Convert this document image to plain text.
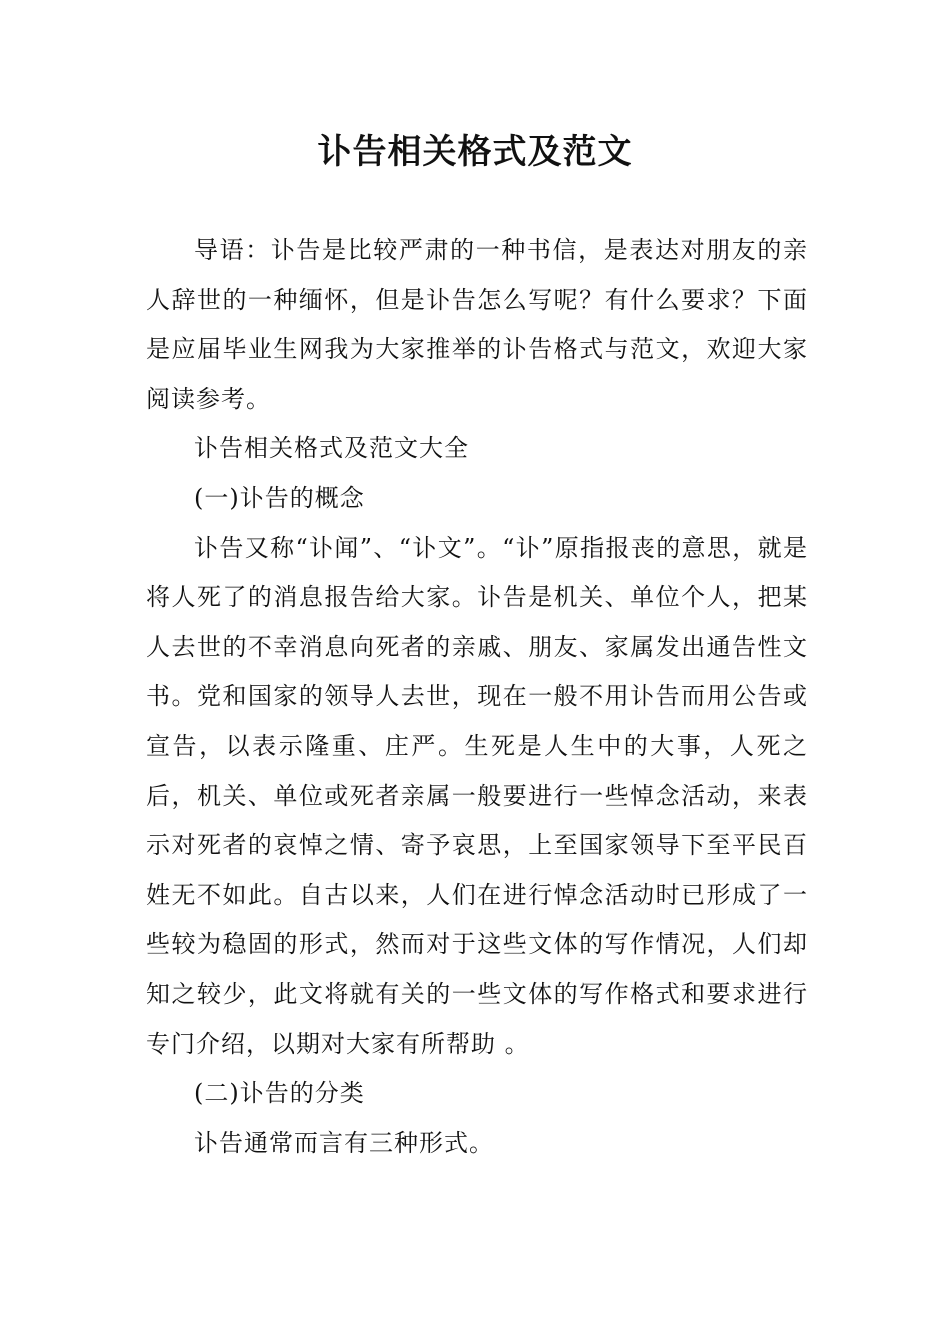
讣告相关格式及范文

导语：讣告是比较严肃的一种书信，是表达对朋友的亲人辞世的一种缅怀，但是讣告怎么写呢？有什么要求？下面是应届毕业生网我为大家推举的讣告格式与范文，欢迎大家阅读参考。

讣告相关格式及范文大全

(一)讣告的概念

讣告又称“讣闻”、“讣文”。“讣”原指报丧的意思，就是将人死了的消息报告给大家。讣告是机关、单位个人，把某人去世的不幸消息向死者的亲戚、朋友、家属发出通告性文书。党和国家的领导人去世，现在一般不用讣告而用公告或宣告，以表示隆重、庄严。生死是人生中的大事，人死之后，机关、单位或死者亲属一般要进行一些悼念活动，来表示对死者的哀悼之情、寄予哀思，上至国家领导下至平民百姓无不如此。自古以来，人们在进行悼念活动时已形成了一些较为稳固的形式，然而对于这些文体的写作情况，人们却知之较少，此文将就有关的一些文体的写作格式和要求进行专门介绍，以期对大家有所帮助 。

(二)讣告的分类

讣告通常而言有三种形式。
